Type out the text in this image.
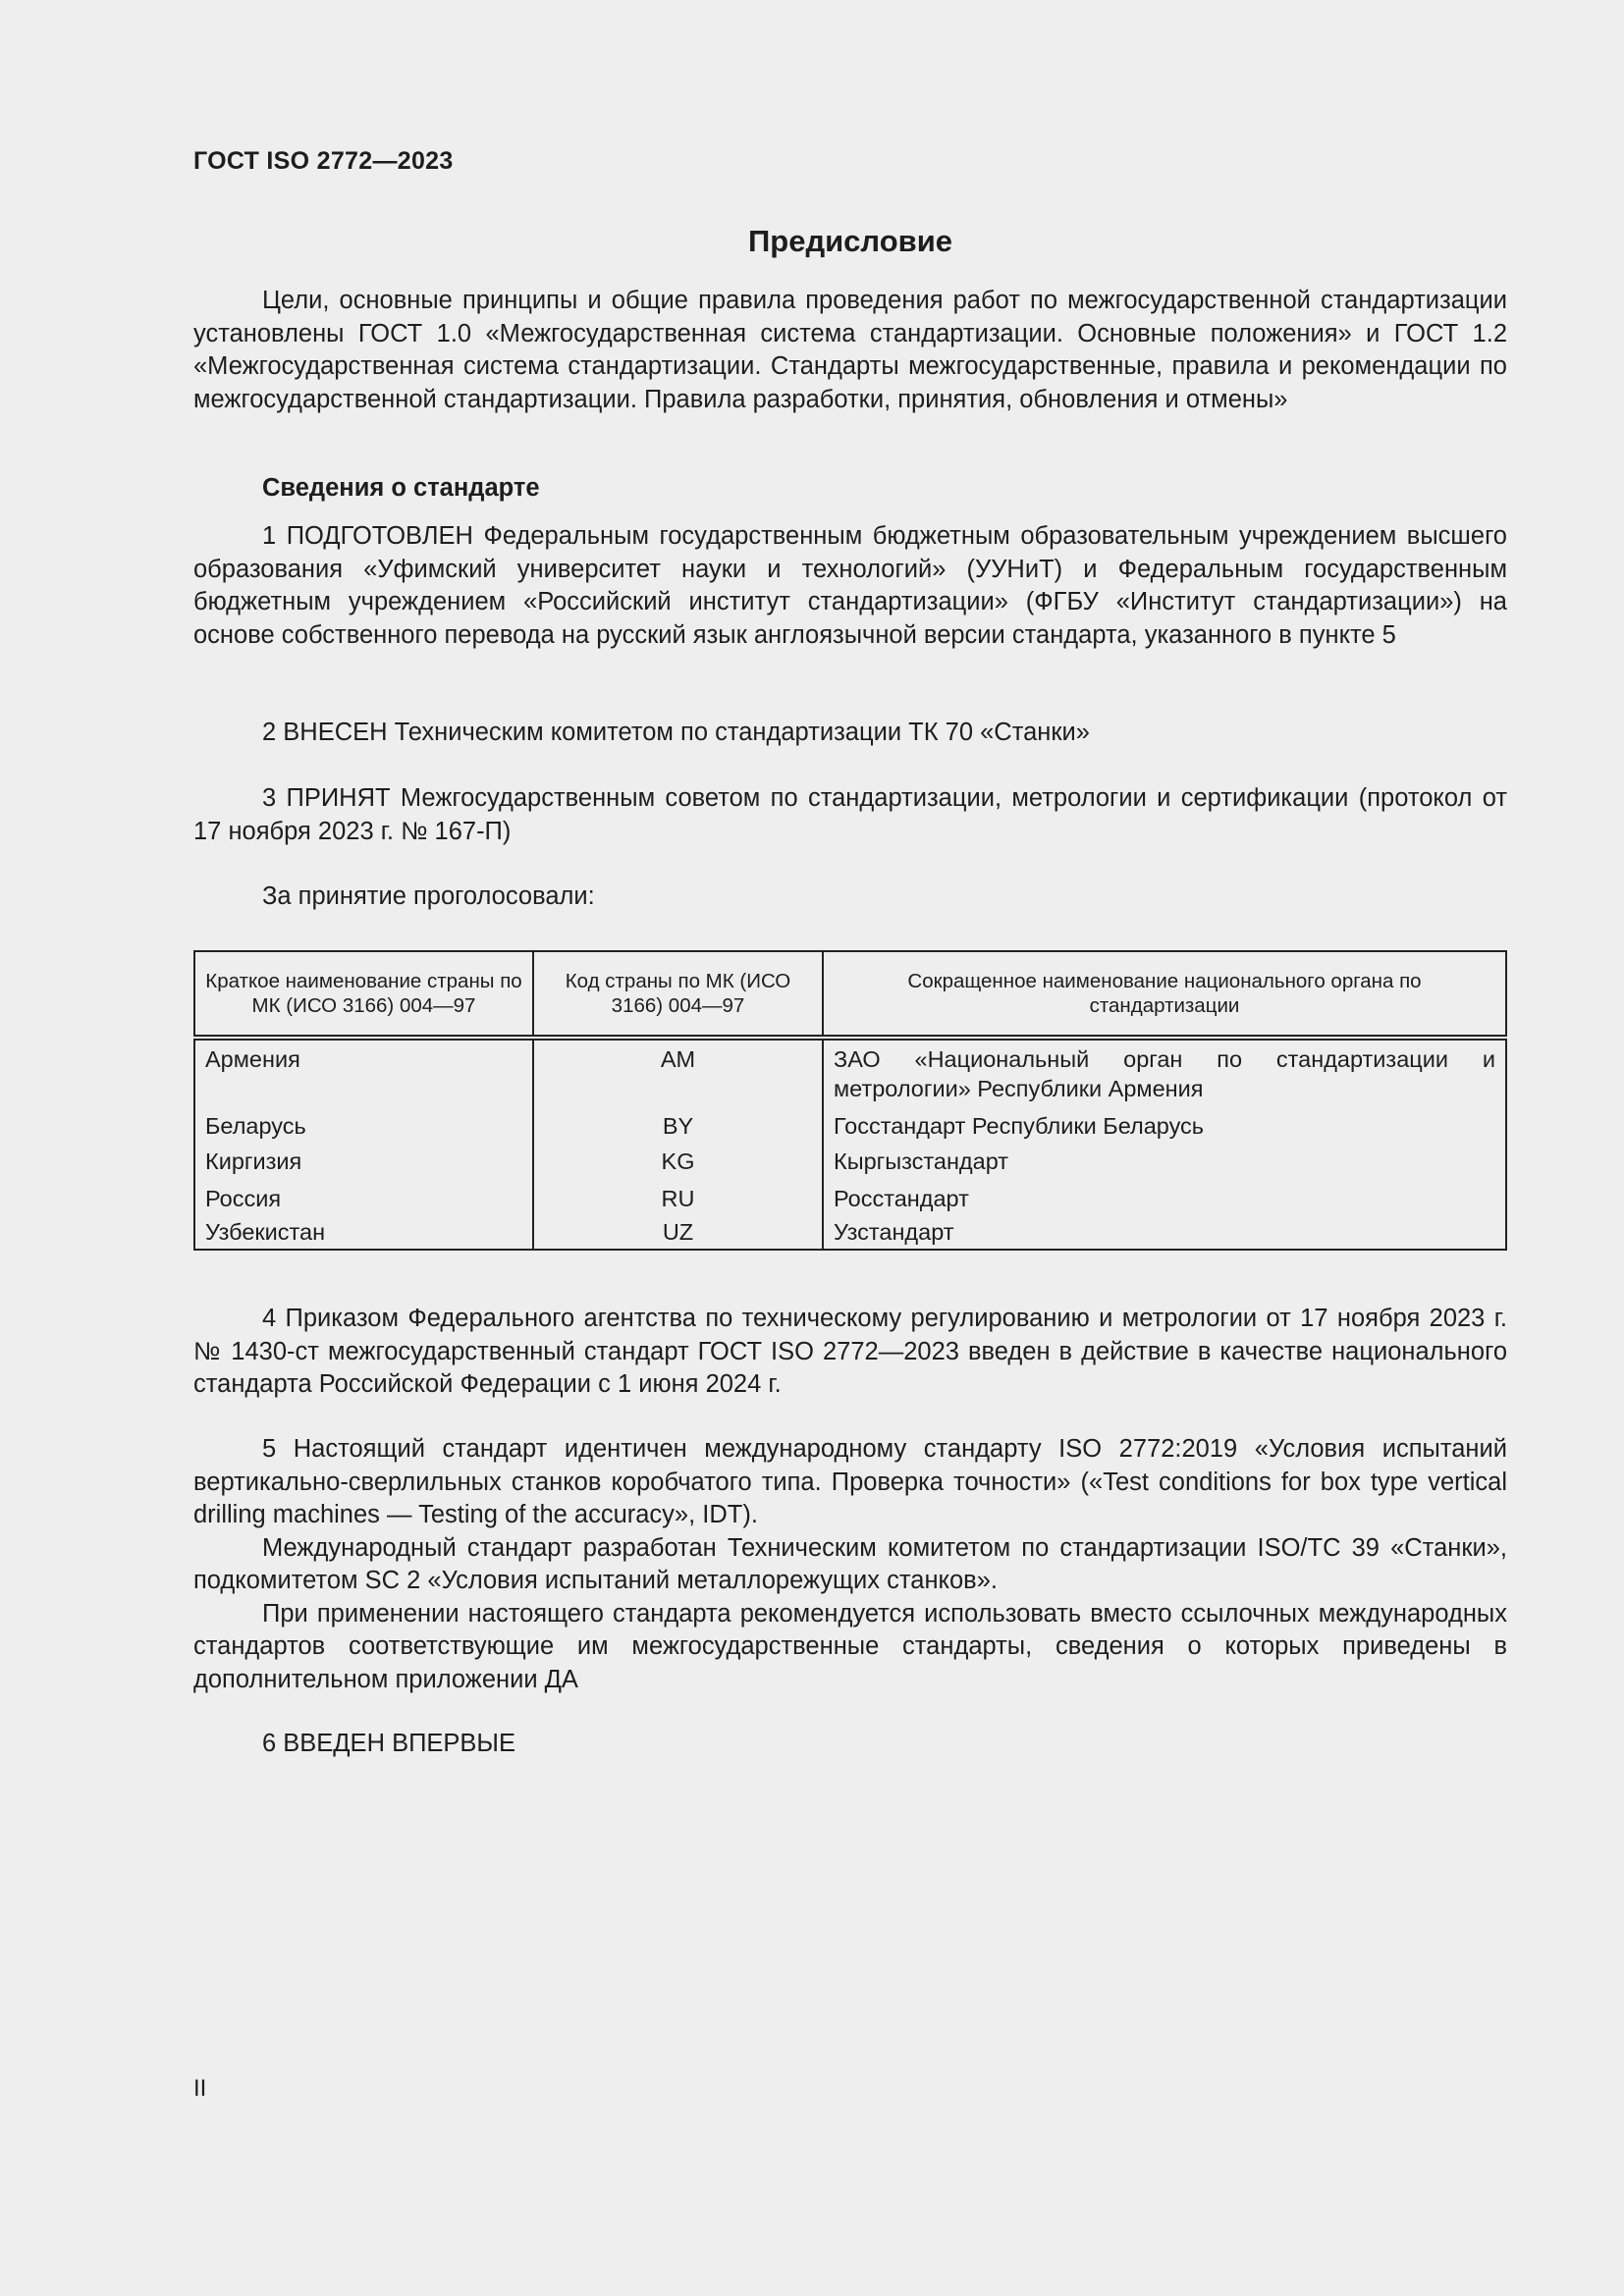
ГОСТ ISO 2772—2023
Предисловие

Цели, основные принципы и общие правила проведения работ по межгосударственной стандартизации установлены ГОСТ 1.0 «Межгосударственная система стандартизации. Основные положения» и ГОСТ 1.2 «Межгосударственная система стандартизации. Стандарты межгосударственные, правила и рекомендации по межгосударственной стандартизации. Правила разработки, принятия, обновления и отмены»

Сведения о стандарте

1 ПОДГОТОВЛЕН Федеральным государственным бюджетным образовательным учреждением высшего образования «Уфимский университет науки и технологий» (УУНиТ) и Федеральным государственным бюджетным учреждением «Российский институт стандартизации» (ФГБУ «Институт стандартизации») на основе собственного перевода на русский язык англоязычной версии стандарта, указанного в пункте 5

2 ВНЕСЕН Техническим комитетом по стандартизации ТК 70 «Станки»

3 ПРИНЯТ Межгосударственным советом по стандартизации, метрологии и сертификации (протокол от 17 ноября 2023 г. № 167-П)

За принятие проголосовали:

Краткое наименование страны по МК (ИСО 3166) 004—97	Код страны по МК (ИСО 3166) 004—97	Сокращенное наименование национального органа по стандартизации
Армения	AM	ЗАО «Национальный орган по стандартизации и метрологии» Республики Армения
Беларусь	BY	Госстандарт Республики Беларусь
Киргизия	KG	Кыргызстандарт
Россия	RU	Росстандарт
Узбекистан	UZ	Узстандарт

4 Приказом Федерального агентства по техническому регулированию и метрологии от 17 ноября 2023 г. № 1430-ст межгосударственный стандарт ГОСТ ISO 2772—2023 введен в действие в качестве национального стандарта Российской Федерации с 1 июня 2024 г.

5 Настоящий стандарт идентичен международному стандарту ISO 2772:2019 «Условия испытаний вертикально-сверлильных станков коробчатого типа. Проверка точности» («Test conditions for box type vertical drilling machines — Testing of the accuracy», IDT).

Международный стандарт разработан Техническим комитетом по стандартизации ISO/TC 39 «Станки», подкомитетом SC 2 «Условия испытаний металлорежущих станков».

При применении настоящего стандарта рекомендуется использовать вместо ссылочных международных стандартов соответствующие им межгосударственные стандарты, сведения о которых приведены в дополнительном приложении ДА

6 ВВЕДЕН ВПЕРВЫЕ

II
